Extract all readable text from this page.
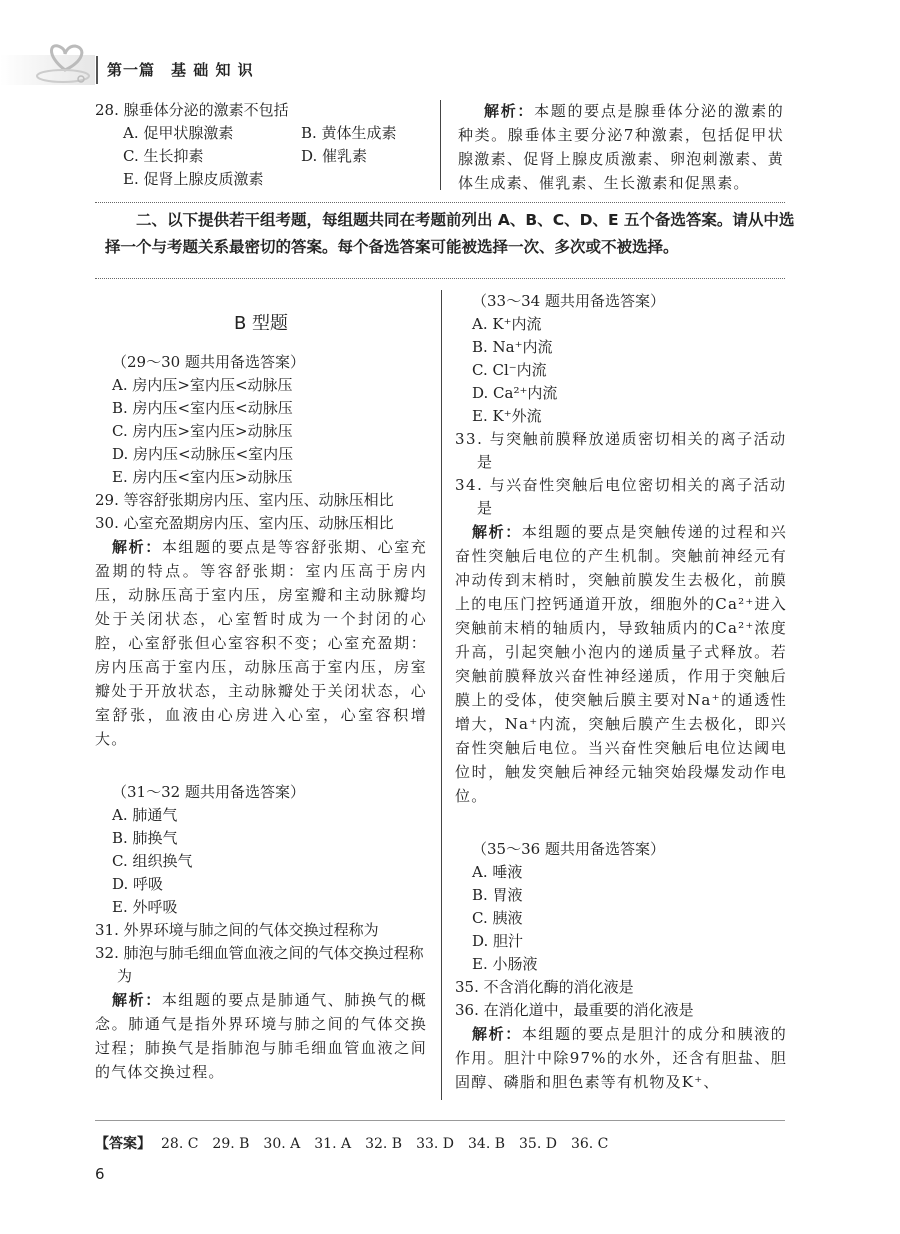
第一篇　基 础 知 识
28. 腺垂体分泌的激素不包括
A. 促甲状腺激素	B. 黄体生成素
C. 生长抑素	D. 催乳素
E. 促肾上腺皮质激素
解析：本题的要点是腺垂体分泌的激素的种类。腺垂体主要分泌7种激素，包括促甲状腺激素、促肾上腺皮质激素、卵泡刺激素、黄体生成素、催乳素、生长激素和促黑素。
二、以下提供若干组考题，每组题共同在考题前列出 A、B、C、D、E 五个备选答案。请从中选择一个与考题关系最密切的答案。每个备选答案可能被选择一次、多次或不被选择。
B 型题
（29～30 题共用备选答案）
A. 房内压>室内压<动脉压
B. 房内压<室内压<动脉压
C. 房内压>室内压>动脉压
D. 房内压<动脉压<室内压
E. 房内压<室内压>动脉压
29. 等容舒张期房内压、室内压、动脉压相比
30. 心室充盈期房内压、室内压、动脉压相比
解析：本组题的要点是等容舒张期、心室充盈期的特点。等容舒张期：室内压高于房内压，动脉压高于室内压，房室瓣和主动脉瓣均处于关闭状态，心室暂时成为一个封闭的心腔，心室舒张但心室容积不变；心室充盈期：房内压高于室内压，动脉压高于室内压，房室瓣处于开放状态，主动脉瓣处于关闭状态，心室舒张，血液由心房进入心室，心室容积增大。
（31～32 题共用备选答案）
A. 肺通气
B. 肺换气
C. 组织换气
D. 呼吸
E. 外呼吸
31. 外界环境与肺之间的气体交换过程称为
32. 肺泡与肺毛细血管血液之间的气体交换过程称为
解析：本组题的要点是肺通气、肺换气的概念。肺通气是指外界环境与肺之间的气体交换过程；肺换气是指肺泡与肺毛细血管血液之间的气体交换过程。
（33～34 题共用备选答案）
A. K⁺内流
B. Na⁺内流
C. Cl⁻内流
D. Ca²⁺内流
E. K⁺外流
33. 与突触前膜释放递质密切相关的离子活动是
34. 与兴奋性突触后电位密切相关的离子活动是
解析：本组题的要点是突触传递的过程和兴奋性突触后电位的产生机制。突触前神经元有冲动传到末梢时，突触前膜发生去极化，前膜上的电压门控钙通道开放，细胞外的Ca²⁺进入突触前末梢的轴质内，导致轴质内的Ca²⁺浓度升高，引起突触小泡内的递质量子式释放。若突触前膜释放兴奋性神经递质，作用于突触后膜上的受体，使突触后膜主要对Na⁺的通透性增大，Na⁺内流，突触后膜产生去极化，即兴奋性突触后电位。当兴奋性突触后电位达阈电位时，触发突触后神经元轴突始段爆发动作电位。
（35～36 题共用备选答案）
A. 唾液
B. 胃液
C. 胰液
D. 胆汁
E. 小肠液
35. 不含消化酶的消化液是
36. 在消化道中，最重要的消化液是
解析：本组题的要点是胆汁的成分和胰液的作用。胆汁中除97%的水外，还含有胆盐、胆固醇、磷脂和胆色素等有机物及K⁺、
【答案】 28. C　29. B　30. A　31. A　32. B　33. D　34. B　35. D　36. C
6
